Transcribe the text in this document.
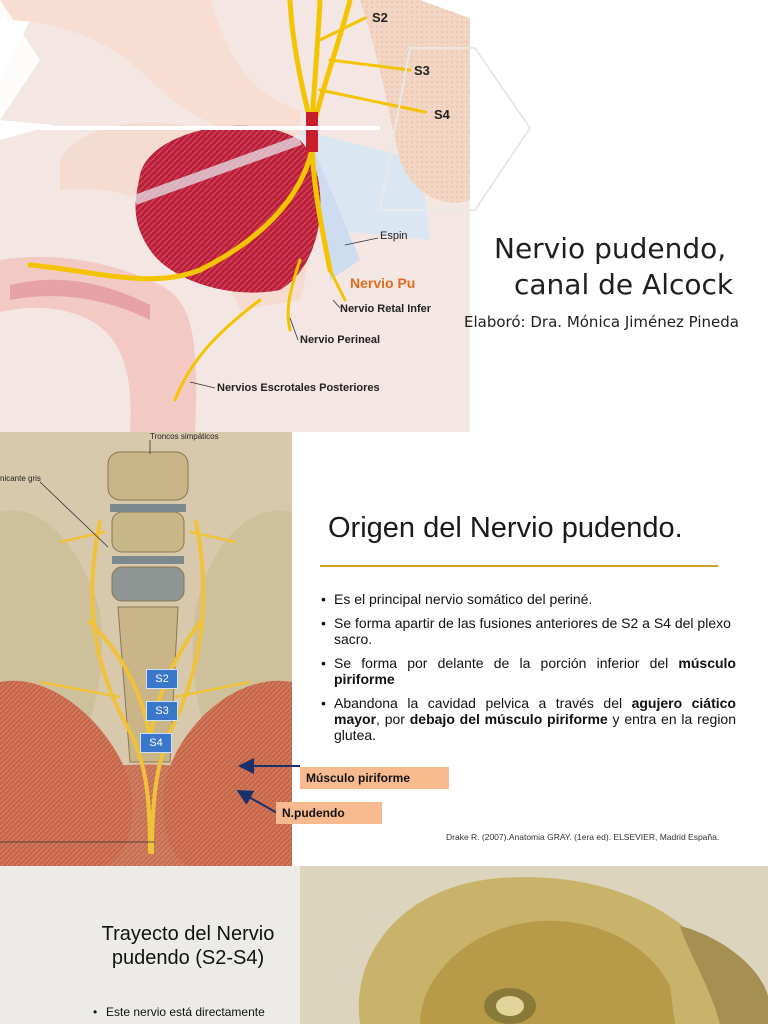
S2
S3
S4
Espin
Nervio Pu
Nervio Retal Infer
Nervio Perineal
Nervios Escrotales Posteriores
Nervio pudendo,
canal de Alcock
Elaboró: Dra. Mónica Jiménez Pineda
Troncos simpáticos
nicante gris
S2
S3
S4
Músculo piriforme
N.pudendo
Origen del Nervio pudendo.
• Es el principal nervio somático del periné.
• Se forma apartir de las fusiones anteriores de S2 a S4 del plexo sacro.
• Se forma por delante de la porción inferior del músculo piriforme
• Abandona la cavidad pelvica a través del agujero ciático mayor, por debajo del músculo piriforme y entra en la region glutea.
Drake R. (2007).Anatomia GRAY. (1era ed). ELSEVIER, Madrid España.
Trayecto del Nervio pudendo (S2-S4)
• Este nervio está directamente
